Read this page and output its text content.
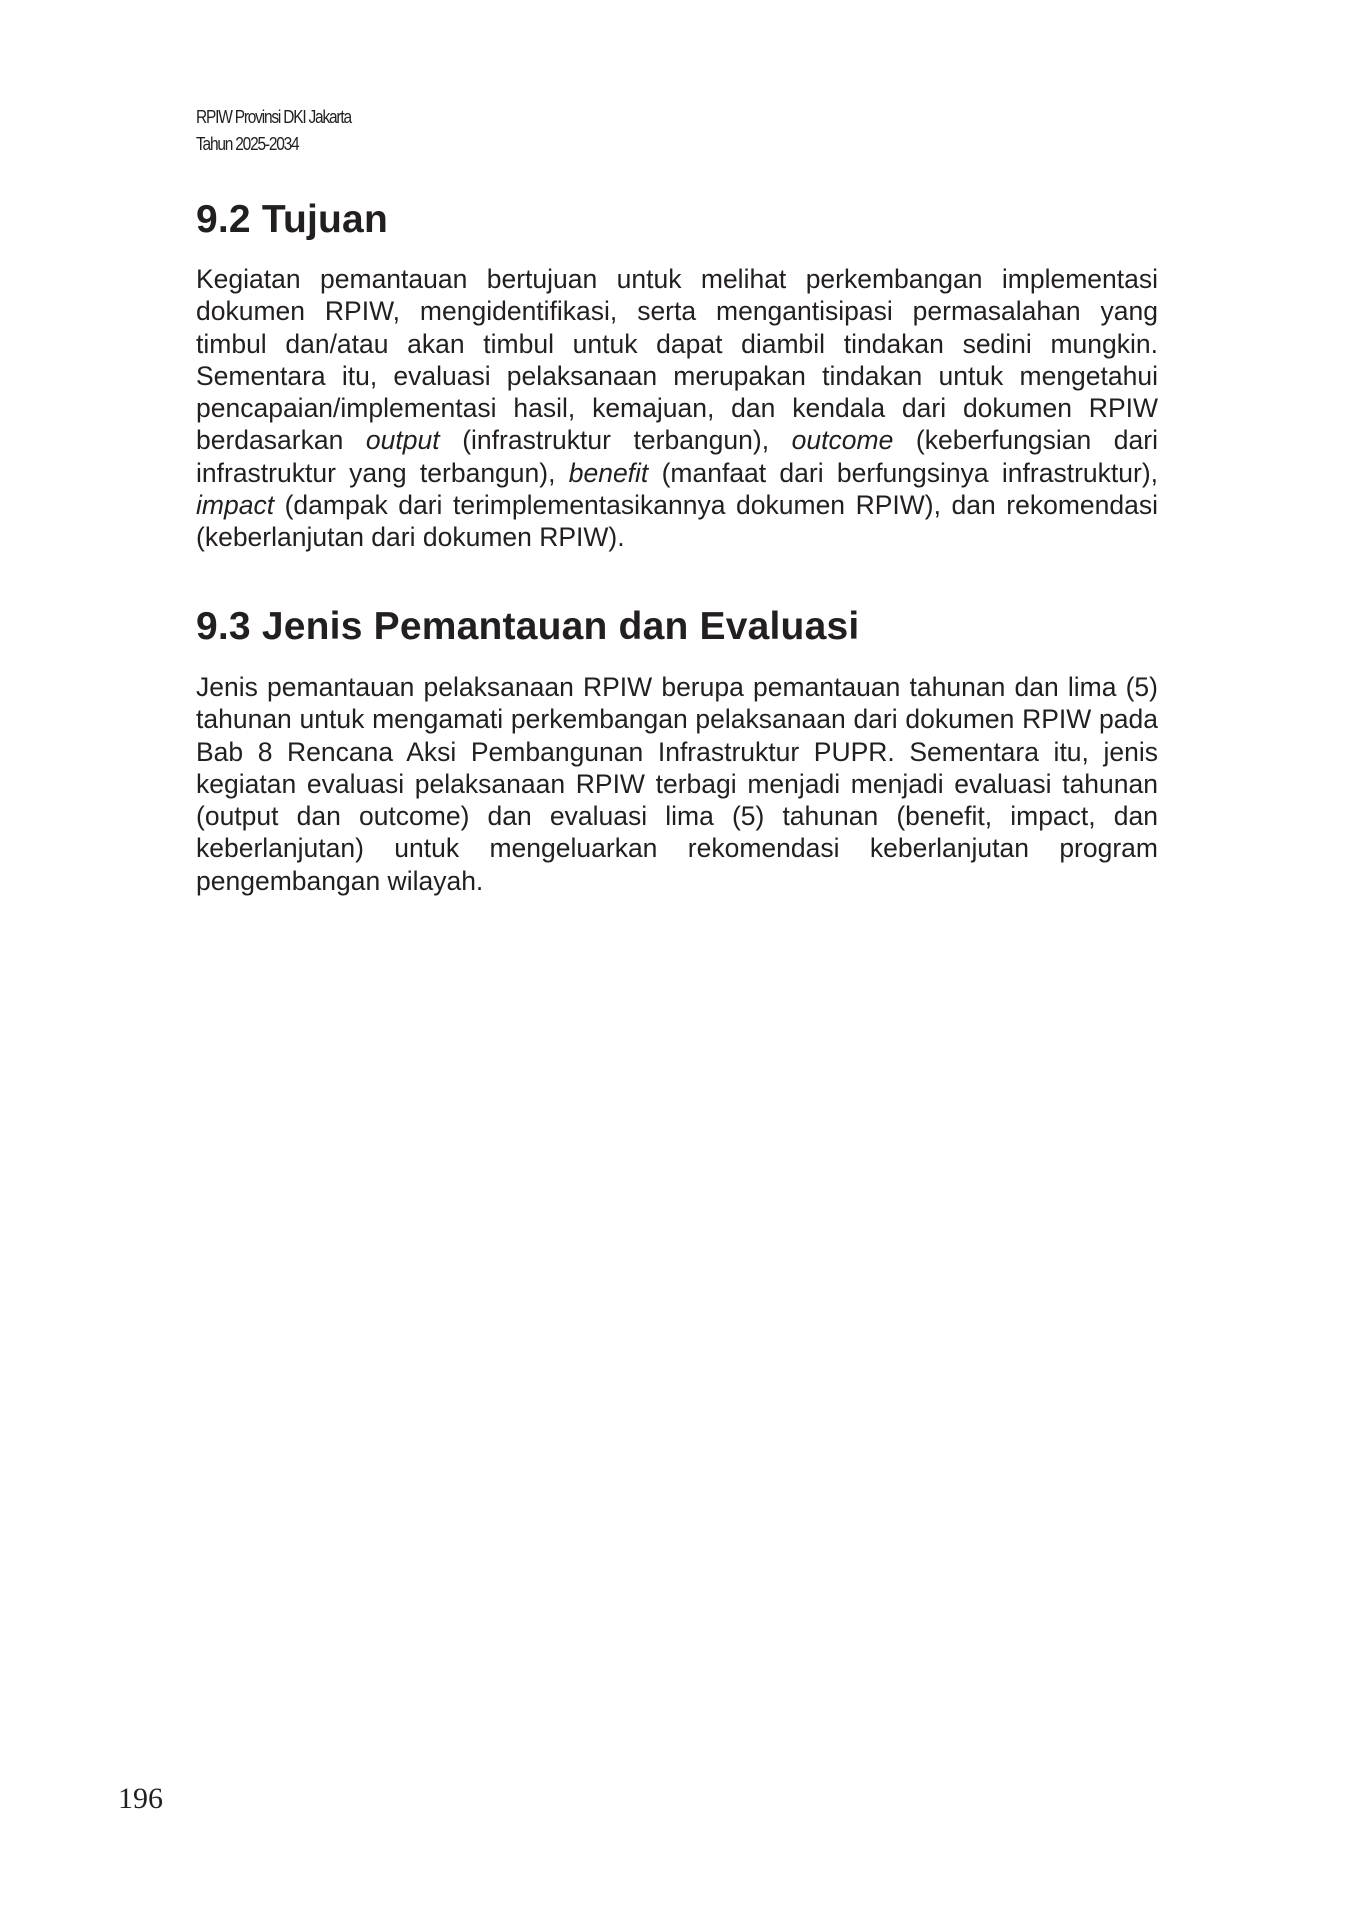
RPIW Provinsi DKI Jakarta
Tahun 2025-2034
9.2 Tujuan

Kegiatan pemantauan bertujuan untuk melihat perkembangan implementasi dokumen RPIW, mengidentifikasi, serta mengantisipasi permasalahan yang timbul dan/atau akan timbul untuk dapat diambil tindakan sedini mungkin. Sementara itu, evaluasi pelaksanaan merupakan tindakan untuk mengetahui pencapaian/implementasi hasil, kemajuan, dan kendala dari dokumen RPIW berdasarkan output (infrastruktur terbangun), outcome (keberfungsian dari infrastruktur yang terbangun), benefit (manfaat dari berfungsinya infrastruktur), impact (dampak dari terimplementasikannya dokumen RPIW), dan rekomendasi (keberlanjutan dari dokumen RPIW).

9.3 Jenis Pemantauan dan Evaluasi

Jenis pemantauan pelaksanaan RPIW berupa pemantauan tahunan dan lima (5) tahunan untuk mengamati perkembangan pelaksanaan dari dokumen RPIW pada Bab 8 Rencana Aksi Pembangunan Infrastruktur PUPR. Sementara itu, jenis kegiatan evaluasi pelaksanaan RPIW terbagi menjadi menjadi evaluasi tahunan (output dan outcome) dan evaluasi lima (5) tahunan (benefit, impact, dan keberlanjutan) untuk mengeluarkan rekomendasi keberlanjutan program pengembangan wilayah.

196
